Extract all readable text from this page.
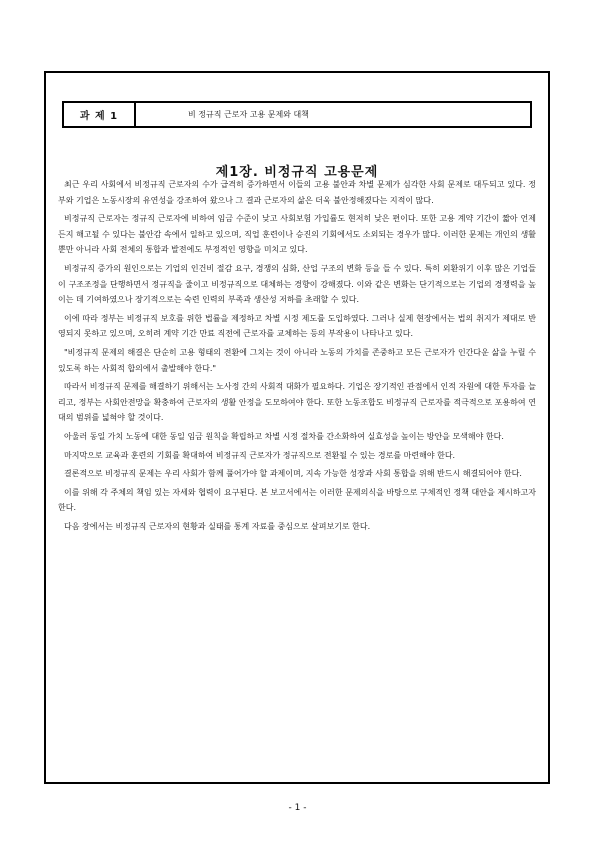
과 제 1	비 정규직 근로자 고용 문제와 대책
제1장. 비정규직 고용문제

최근 우리 사회에서 비정규직 근로자의 수가 급격히 증가하면서 이들의 고용 불안과 차별 문제가 심각한 사회 문제로 대두되고 있다. 정부와 기업은 노동시장의 유연성을 강조하여 왔으나 그 결과 근로자의 삶은 더욱 불안정해졌다는 지적이 많다.

비정규직 근로자는 정규직 근로자에 비하여 임금 수준이 낮고 사회보험 가입률도 현저히 낮은 편이다. 또한 고용 계약 기간이 짧아 언제든지 해고될 수 있다는 불안감 속에서 일하고 있으며, 직업 훈련이나 승진의 기회에서도 소외되는 경우가 많다. 이러한 문제는 개인의 생활뿐만 아니라 사회 전체의 통합과 발전에도 부정적인 영향을 미치고 있다.

비정규직 증가의 원인으로는 기업의 인건비 절감 요구, 경쟁의 심화, 산업 구조의 변화 등을 들 수 있다. 특히 외환위기 이후 많은 기업들이 구조조정을 단행하면서 정규직을 줄이고 비정규직으로 대체하는 경향이 강해졌다. 이와 같은 변화는 단기적으로는 기업의 경쟁력을 높이는 데 기여하였으나 장기적으로는 숙련 인력의 부족과 생산성 저하를 초래할 수 있다.

이에 따라 정부는 비정규직 보호를 위한 법률을 제정하고 차별 시정 제도를 도입하였다. 그러나 실제 현장에서는 법의 취지가 제대로 반영되지 못하고 있으며, 오히려 계약 기간 만료 직전에 근로자를 교체하는 등의 부작용이 나타나고 있다.

"비정규직 문제의 해결은 단순히 고용 형태의 전환에 그치는 것이 아니라 노동의 가치를 존중하고 모든 근로자가 인간다운 삶을 누릴 수 있도록 하는 사회적 합의에서 출발해야 한다."

따라서 비정규직 문제를 해결하기 위해서는 노사정 간의 사회적 대화가 필요하다. 기업은 장기적인 관점에서 인적 자원에 대한 투자를 늘리고, 정부는 사회안전망을 확충하여 근로자의 생활 안정을 도모하여야 한다. 또한 노동조합도 비정규직 근로자를 적극적으로 포용하여 연대의 범위를 넓혀야 할 것이다.

아울러 동일 가치 노동에 대한 동일 임금 원칙을 확립하고 차별 시정 절차를 간소화하여 실효성을 높이는 방안을 모색해야 한다.

마지막으로 교육과 훈련의 기회를 확대하여 비정규직 근로자가 정규직으로 전환될 수 있는 경로를 마련해야 한다.

결론적으로 비정규직 문제는 우리 사회가 함께 풀어가야 할 과제이며, 지속 가능한 성장과 사회 통합을 위해 반드시 해결되어야 한다.

이를 위해 각 주체의 책임 있는 자세와 협력이 요구된다. 본 보고서에서는 이러한 문제의식을 바탕으로 구체적인 정책 대안을 제시하고자 한다.

다음 장에서는 비정규직 근로자의 현황과 실태를 통계 자료를 중심으로 살펴보기로 한다.

- 1 -
